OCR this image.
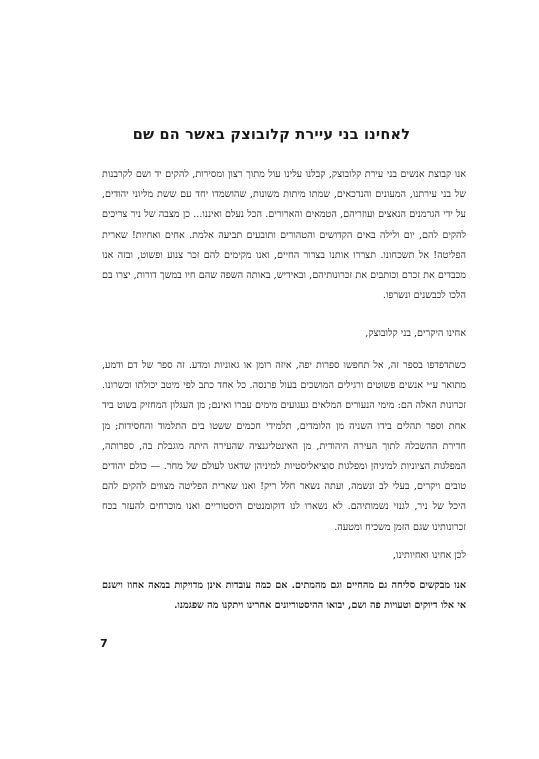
לאחינו בני עיירת קלובוצק באשר הם שם

אנו קבוצת אנשים בני עירת קלובוצק, קבלנו עלינו עול מתוך רצון ומסירות, להקים יד ושם לקרבנות של בני עירתנו, המעונים והנדכאים, שמתו מיתות משונות, שהושמדו יחד עם ששת מליוני יהודים, על ידי הגרמנים הנאצים ועוזריהם, הטמאים והארורים. הכל נעלם ואיננו... כן מצבה של ניר צריכים להקים להם, יום ולילה באים הקדושים והטהורים ותובעים תביעה אלמת. אחים ואחיות! שארית הפליטה! אל תשכחונו. תצררו אותנו בצרור החיים, ואנו מקימים להם זכר צנוע ופשוט, ובזה אנו מכבדים את זכרם וכותבים את זכרונותיהם, ובאידיש, באותה השפה שהם חיו במשך דורות, יצרו בם הלכו לכבשנים ונשרפו.

אחינו היקרים, בני קלובוצק,

כשתדפדפו בספר זה, אל תחפשו ספרות יפה, איזה רומן או גאוניות ומדע. זה ספר של דם ודמע, מתואר ע״י אנשים פשוטים ורגילים המושכים בעול פרנסה. כל אחד כתב לפי מיטב יכולתו וכשרונו. זכרונות האלה הם: מימי הנעורים המלאים געגועים מימים עברו ואינם; מן העגלון המחזיק בשוט ביד אחת וספר תהלים בידו השניה מן הלומדים, תלמידי חכמים ששטו בים התלמוד והחסידות; מן חדירת ההשכלה לתוך העירה היהודית, מן האינטליגנציה שהעירה היתה מוגבלת בה, ספרותה, המפלגות הציוניות למיניהן ומפלגות סוציאליסטיות למיניהן שדאגו לעולם של מחר. — כולם יהודים טובים ויקרים, בעלי לב ונשמה, ועתה נשאר חלל ריק! ואנו שארית הפליטה מצווים להקים להם היכל של ניר, לגנזי נשמותיהם. לא נשארו לנו דוקומנטים היסטוריים ואנו מוכרחים להעזר בכח זכרונותינו שגם הזמן משכיח ומטעה.

לכן אחינו ואחיותינו,

אנו מבקשים סליחה גם מהחיים וגם מהמתים. אם כמה עובדות אינן מדויקות במאה אחוז וישנם אי אלו דיוקים וטעויות פה ושם, יבואו ההיסטוריונים אחרינו ויתקנו מה שפגמנו.

7
